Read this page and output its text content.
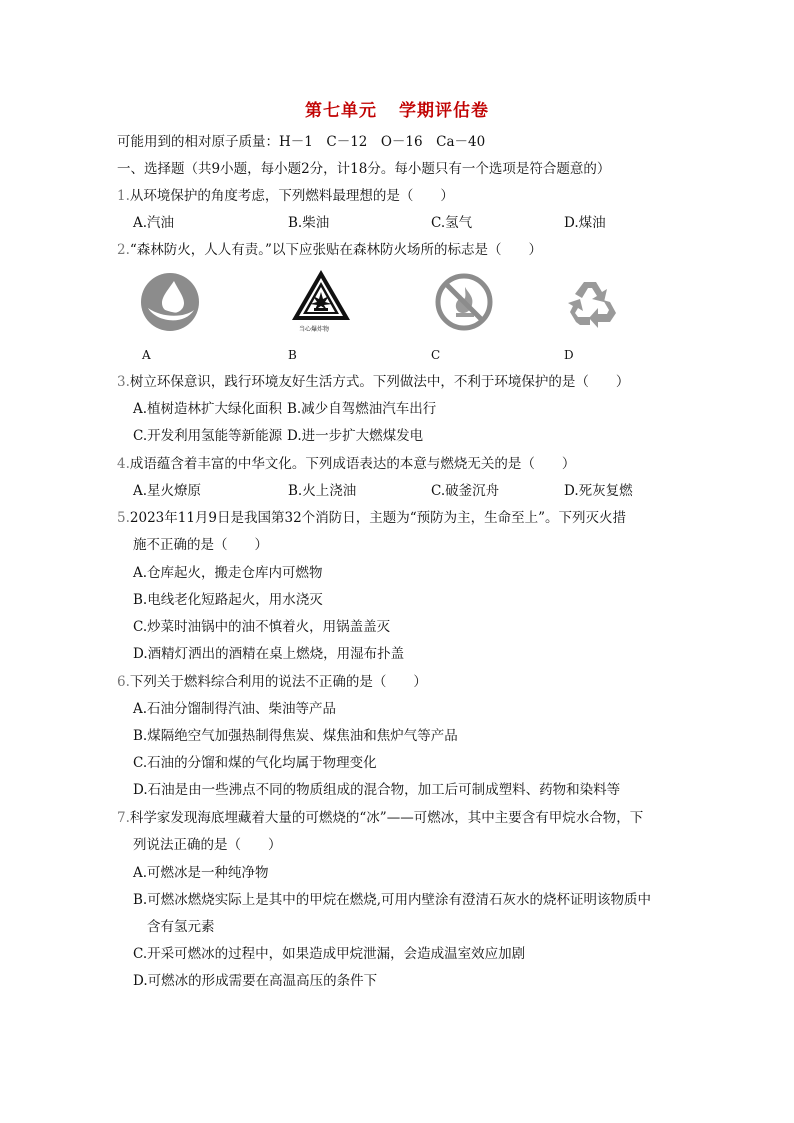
第七单元 学期评估卷
可能用到的相对原子质量：H－1　C－12　O－16　Ca－40
一、选择题（共9小题，每小题2分，计18分。每小题只有一个选项是符合题意的）
1.从环境保护的角度考虑，下列燃料最理想的是（　　）
A.汽油	B.柴油	C.氢气	D.煤油
2.“森林防火，人人有责。”以下应张贴在森林防火场所的标志是（　　）
当心爆炸物
A	B	C	D
3.树立环保意识，践行环境友好生活方式。下列做法中，不利于环境保护的是（　　）
A.植树造林扩大绿化面积 B.减少自驾燃油汽车出行
C.开发利用氢能等新能源 D.进一步扩大燃煤发电
4.成语蕴含着丰富的中华文化。下列成语表达的本意与燃烧无关的是（　　）
A.星火燎原	B.火上浇油	C.破釜沉舟	D.死灰复燃
5.2023年11月9日是我国第32个消防日，主题为“预防为主，生命至上”。下列灭火措
施不正确的是（　　）
A.仓库起火，搬走仓库内可燃物
B.电线老化短路起火，用水浇灭
C.炒菜时油锅中的油不慎着火，用锅盖盖灭
D.酒精灯洒出的酒精在桌上燃烧，用湿布扑盖
6.下列关于燃料综合利用的说法不正确的是（　　）
A.石油分馏制得汽油、柴油等产品
B.煤隔绝空气加强热制得焦炭、煤焦油和焦炉气等产品
C.石油的分馏和煤的气化均属于物理变化
D.石油是由一些沸点不同的物质组成的混合物，加工后可制成塑料、药物和染料等
7.科学家发现海底埋藏着大量的可燃烧的“冰”——可燃冰，其中主要含有甲烷水合物，下
列说法正确的是（　　）
A.可燃冰是一种纯净物
B.可燃冰燃烧实际上是其中的甲烷在燃烧,可用内壁涂有澄清石灰水的烧杯证明该物质中
含有氢元素
C.开采可燃冰的过程中，如果造成甲烷泄漏，会造成温室效应加剧
D.可燃冰的形成需要在高温高压的条件下
